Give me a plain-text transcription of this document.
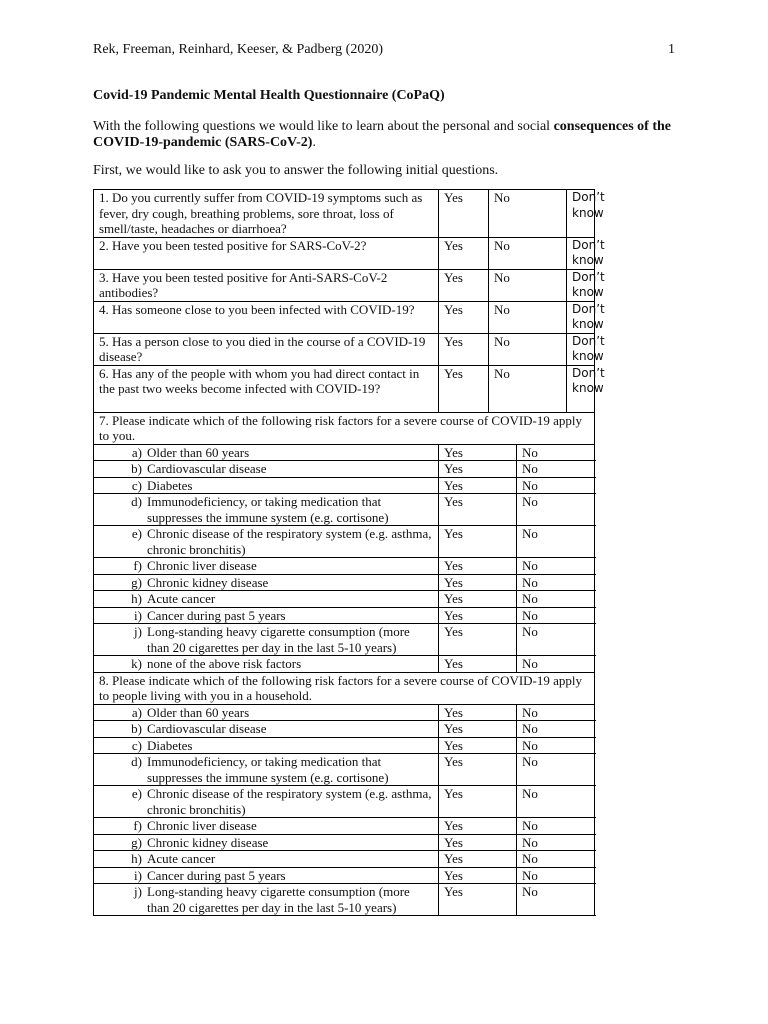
Rek, Freeman, Reinhard, Keeser, & Padberg (2020)	1
Covid-19 Pandemic Mental Health Questionnaire (CoPaQ)
With the following questions we would like to learn about the personal and social consequences of the COVID-19-pandemic (SARS-CoV-2).
First, we would like to ask you to answer the following initial questions.
1. Do you currently suffer from COVID-19 symptoms such as fever, dry cough, breathing problems, sore throat, loss of smell/taste, headaches or diarrhoea?	Yes	No		Don’t know
2. Have you been tested positive for SARS-CoV-2?	Yes	No		Don’t know
3. Have you been tested positive for Anti-SARS-CoV-2 antibodies?	Yes	No		Don’t know
4. Has someone close to you been infected with COVID-19?	Yes	No		Don’t know
5. Has a person close to you died in the course of a COVID-19 disease?	Yes	No		Don’t know
6. Has any of the people with whom you had direct contact in the past two weeks become infected with COVID-19?	Yes	No		Don’t know
7. Please indicate which of the following risk factors for a severe course of COVID-19 apply to you.				

a) Older than 60 years	Yes		No	

b) Cardiovascular disease	Yes		No	

c) Diabetes	Yes		No	

d) Immunodeficiency, or taking medication that suppresses the immune system (e.g. cortisone)	Yes		No	

e) Chronic disease of the respiratory system (e.g. asthma, chronic bronchitis)	Yes		No	

f) Chronic liver disease	Yes		No	

g) Chronic kidney disease	Yes		No	

h) Acute cancer	Yes		No	

i) Cancer during past 5 years	Yes		No	

j) Long-standing heavy cigarette consumption (more than 20 cigarettes per day in the last 5-10 years)	Yes		No	

k) none of the above risk factors	Yes		No	
8. Please indicate which of the following risk factors for a severe course of COVID-19 apply to people living with you in a household.				

a) Older than 60 years	Yes		No	

b) Cardiovascular disease	Yes		No	

c) Diabetes	Yes		No	

d) Immunodeficiency, or taking medication that suppresses the immune system (e.g. cortisone)	Yes		No	

e) Chronic disease of the respiratory system (e.g. asthma, chronic bronchitis)	Yes		No	

f) Chronic liver disease	Yes		No	

g) Chronic kidney disease	Yes		No	

h) Acute cancer	Yes		No	

i) Cancer during past 5 years	Yes		No	

j) Long-standing heavy cigarette consumption (more than 20 cigarettes per day in the last 5-10 years)	Yes		No	
